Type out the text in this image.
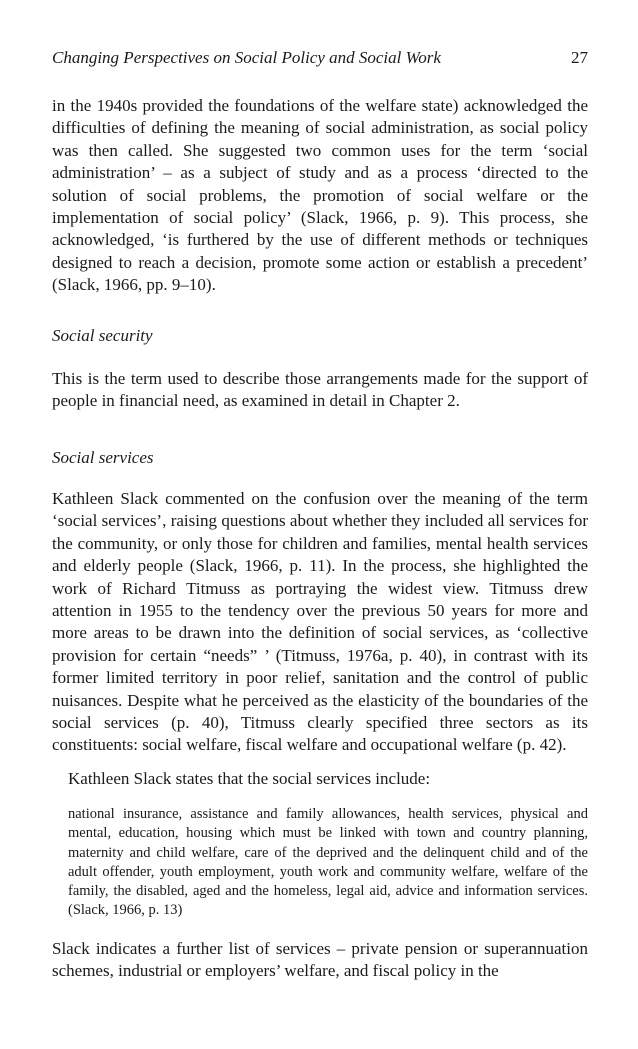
Changing Perspectives on Social Policy and Social Work	27
in the 1940s provided the foundations of the welfare state) acknowledged the difficulties of defining the meaning of social administration, as social policy was then called. She suggested two common uses for the term ‘social administration’ – as a subject of study and as a process ‘directed to the solution of social problems, the promotion of social welfare or the implementation of social policy’ (Slack, 1966, p. 9). This process, she acknowledged, ‘is furthered by the use of different methods or techniques designed to reach a decision, promote some action or establish a precedent’ (Slack, 1966, pp. 9–10).
Social security
This is the term used to describe those arrangements made for the support of people in financial need, as examined in detail in Chapter 2.
Social services
Kathleen Slack commented on the confusion over the meaning of the term ‘social services’, raising questions about whether they included all services for the community, or only those for children and families, mental health services and elderly people (Slack, 1966, p. 11). In the process, she highlighted the work of Richard Titmuss as portraying the widest view. Titmuss drew attention in 1955 to the tendency over the previous 50 years for more and more areas to be drawn into the definition of social services, as ‘collective provision for certain “needs” ’ (Titmuss, 1976a, p. 40), in contrast with its former limited territory in poor relief, sanitation and the control of public nuisances. Despite what he perceived as the elasticity of the boundaries of the social services (p. 40), Titmuss clearly specified three sectors as its constituents: social welfare, fiscal welfare and occupational welfare (p. 42).
Kathleen Slack states that the social services include:
national insurance, assistance and family allowances, health services, physical and mental, education, housing which must be linked with town and country planning, maternity and child welfare, care of the deprived and the delinquent child and of the adult offender, youth employment, youth work and community welfare, welfare of the family, the disabled, aged and the homeless, legal aid, advice and information services. (Slack, 1966, p. 13)
Slack indicates a further list of services – private pension or superannuation schemes, industrial or employers’ welfare, and fiscal policy in the
